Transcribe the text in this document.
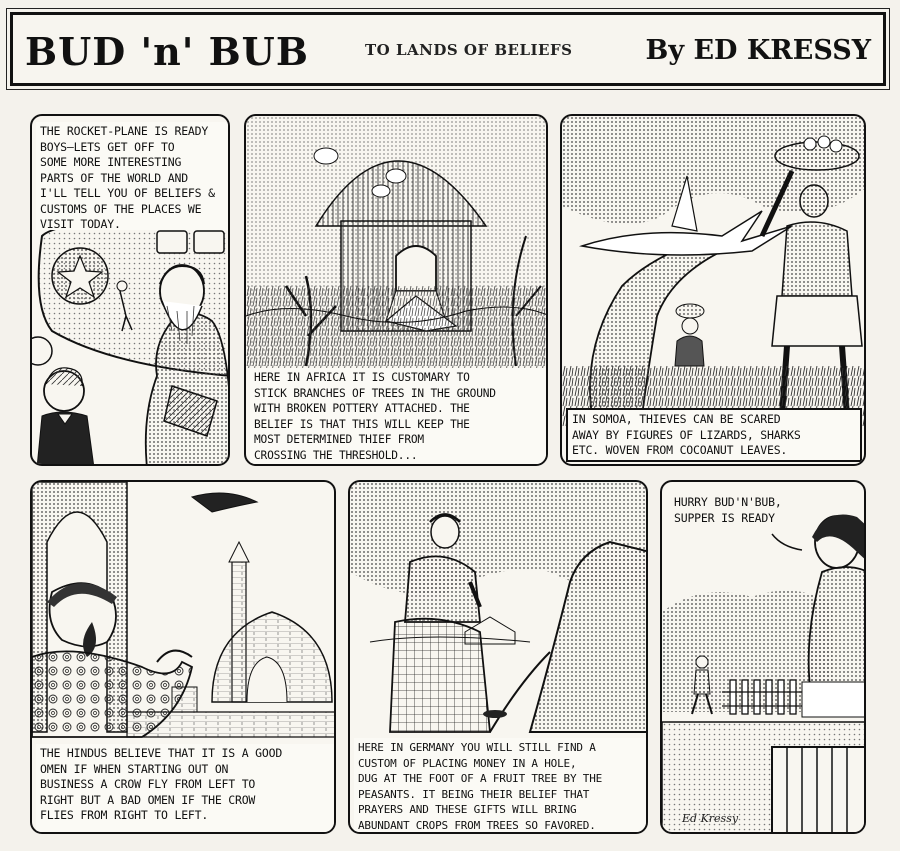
BUD 'n' BUB	TO LANDS OF BELIEFS	By ED KRESSY
THE ROCKET-PLANE IS READY
BOYS—LETS GET OFF TO
SOME MORE INTERESTING
PARTS OF THE WORLD AND
I'LL TELL YOU OF BELIEFS &
CUSTOMS OF THE PLACES WE
VISIT TODAY.
HERE IN AFRICA IT IS CUSTOMARY TO
STICK BRANCHES OF TREES IN THE GROUND
WITH BROKEN POTTERY ATTACHED. THE
BELIEF IS THAT THIS WILL KEEP THE
MOST DETERMINED THIEF FROM
CROSSING THE THRESHOLD...
IN SOMOA, THIEVES CAN BE SCARED
AWAY BY FIGURES OF LIZARDS, SHARKS
ETC. WOVEN FROM COCOANUT LEAVES.
THE HINDUS BELIEVE THAT IT IS A GOOD
OMEN IF WHEN STARTING OUT ON
BUSINESS A CROW FLY FROM LEFT TO
RIGHT BUT A BAD OMEN IF THE CROW
FLIES FROM RIGHT TO LEFT.
HERE IN GERMANY YOU WILL STILL FIND A
CUSTOM OF PLACING MONEY IN A HOLE,
DUG AT THE FOOT OF A FRUIT TREE BY THE
PEASANTS. IT BEING THEIR BELIEF THAT
PRAYERS AND THESE GIFTS WILL BRING
ABUNDANT CROPS FROM TREES SO FAVORED.
HURRY BUD'N'BUB,
SUPPER IS READY
Ed Kressy
